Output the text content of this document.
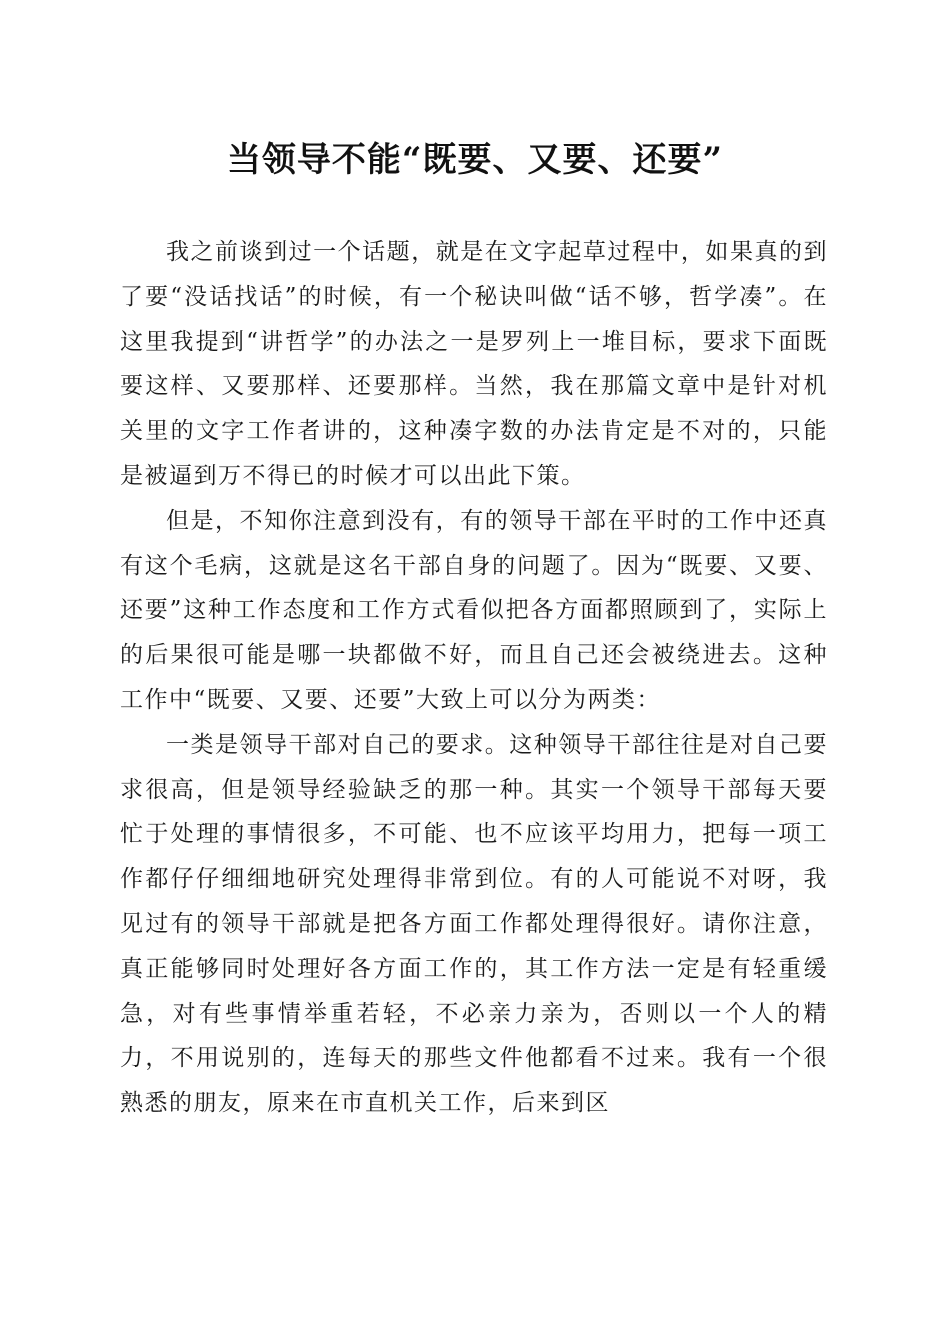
当领导不能“既要、又要、还要”

我之前谈到过一个话题，就是在文字起草过程中，如果真的到了要“没话找话”的时候，有一个秘诀叫做“话不够，哲学凑”。在这里我提到“讲哲学”的办法之一是罗列上一堆目标，要求下面既要这样、又要那样、还要那样。当然，我在那篇文章中是针对机关里的文字工作者讲的，这种凑字数的办法肯定是不对的，只能是被逼到万不得已的时候才可以出此下策。

但是，不知你注意到没有，有的领导干部在平时的工作中还真有这个毛病，这就是这名干部自身的问题了。因为“既要、又要、还要”这种工作态度和工作方式看似把各方面都照顾到了，实际上的后果很可能是哪一块都做不好，而且自己还会被绕进去。这种工作中“既要、又要、还要”大致上可以分为两类：

一类是领导干部对自己的要求。这种领导干部往往是对自己要求很高，但是领导经验缺乏的那一种。其实一个领导干部每天要忙于处理的事情很多，不可能、也不应该平均用力，把每一项工作都仔仔细细地研究处理得非常到位。有的人可能说不对呀，我见过有的领导干部就是把各方面工作都处理得很好。请你注意，真正能够同时处理好各方面工作的，其工作方法一定是有轻重缓急，对有些事情举重若轻，不必亲力亲为，否则以一个人的精力，不用说别的，连每天的那些文件他都看不过来。我有一个很熟悉的朋友，原来在市直机关工作，后来到区
